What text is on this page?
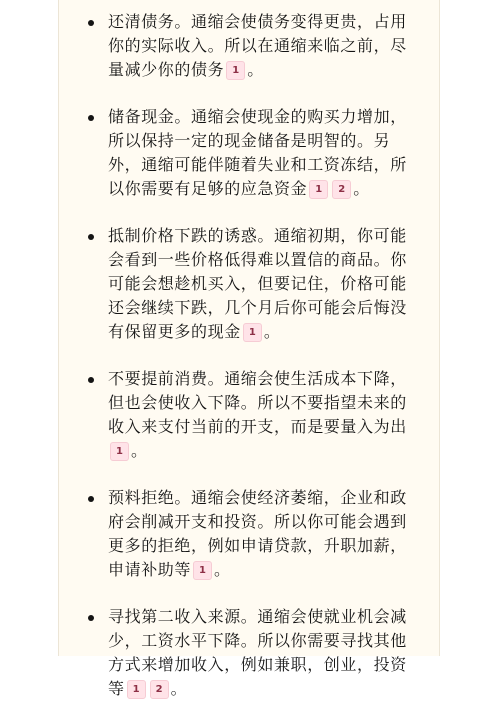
还清债务。通缩会使债务变得更贵，占用你的实际收入。所以在通缩来临之前，尽量减少你的债务 1 。
储备现金。通缩会使现金的购买力增加，所以保持一定的现金储备是明智的。另外，通缩可能伴随着失业和工资冻结，所以你需要有足够的应急资金 1 2 。
抵制价格下跌的诱惑。通缩初期，你可能会看到一些价格低得难以置信的商品。你可能会想趁机买入，但要记住，价格可能还会继续下跌，几个月后你可能会后悔没有保留更多的现金 1 。
不要提前消费。通缩会使生活成本下降，但也会使收入下降。所以不要指望未来的收入来支付当前的开支，而是要量入为出1 。
预料拒绝。通缩会使经济萎缩，企业和政府会削减开支和投资。所以你可能会遇到更多的拒绝，例如申请贷款，升职加薪，申请补助等 1 。
寻找第二收入来源。通缩会使就业机会减少，工资水平下降。所以你需要寻找其他方式来增加收入，例如兼职，创业，投资等 1 2 。
